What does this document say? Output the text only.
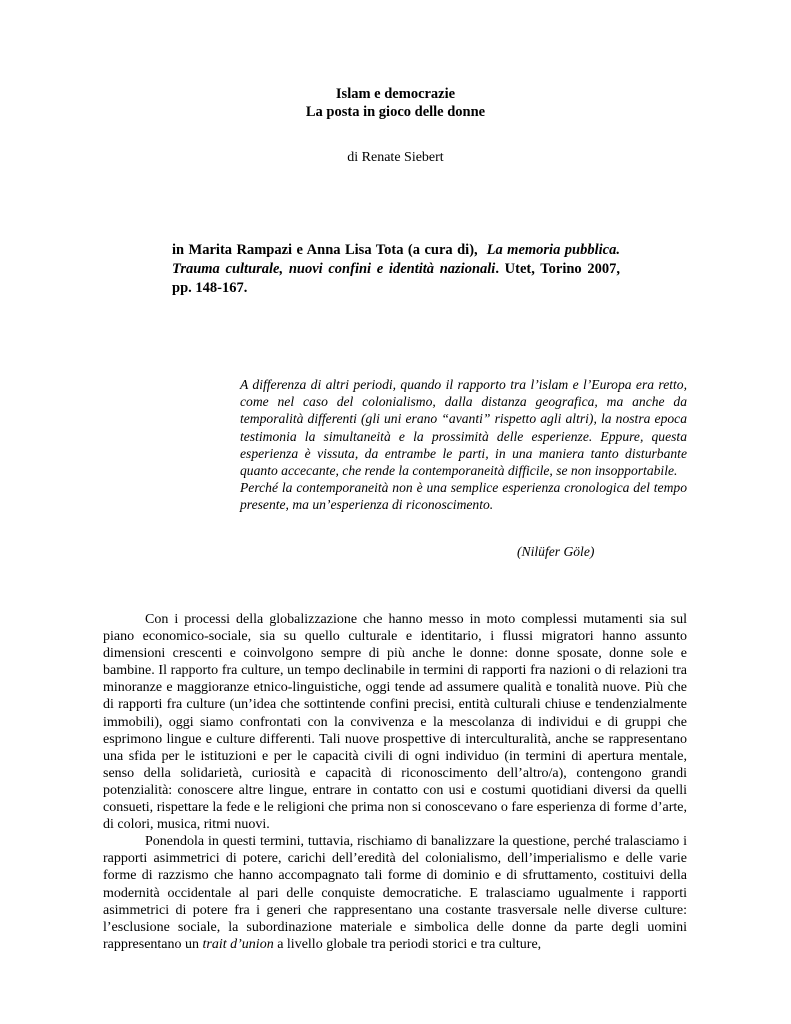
Islam e democrazie

La posta in gioco delle donne

di Renate Siebert
in Marita Rampazi e Anna Lisa Tota (a cura di), La memoria pubblica. Trauma culturale, nuovi confini e identità nazionali. Utet, Torino 2007, pp. 148-167.

A differenza di altri periodi, quando il rapporto tra l’islam e l’Europa era retto, come nel caso del colonialismo, dalla distanza geografica, ma anche da temporalità differenti (gli uni erano “avanti” rispetto agli altri), la nostra epoca testimonia la simultaneità e la prossimità delle esperienze. Eppure, questa esperienza è vissuta, da entrambe le parti, in una maniera tanto disturbante quanto accecante, che rende la contemporaneità difficile, se non insopportabile.

Perché la contemporaneità non è una semplice esperienza cronologica del tempo presente, ma un’esperienza di riconoscimento.

(Nilüfer Göle)

Con i processi della globalizzazione che hanno messo in moto complessi mutamenti sia sul piano economico-sociale, sia su quello culturale e identitario, i flussi migratori hanno assunto dimensioni crescenti e coinvolgono sempre di più anche le donne: donne sposate, donne sole e bambine. Il rapporto fra culture, un tempo declinabile in termini di rapporti fra nazioni o di relazioni tra minoranze e maggioranze etnico-linguistiche, oggi tende ad assumere qualità e tonalità nuove. Più che di rapporti fra culture (un’idea che sottintende confini precisi, entità culturali chiuse e tendenzialmente immobili), oggi siamo confrontati con la convivenza e la mescolanza di individui e di gruppi che esprimono lingue e culture differenti. Tali nuove prospettive di interculturalità, anche se rappresentano una sfida per le istituzioni e per le capacità civili di ogni individuo (in termini di apertura mentale, senso della solidarietà, curiosità e capacità di riconoscimento dell’altro/a), contengono grandi potenzialità: conoscere altre lingue, entrare in contatto con usi e costumi quotidiani diversi da quelli consueti, rispettare la fede e le religioni che prima non si conoscevano o fare esperienza di forme d’arte, di colori, musica, ritmi nuovi.

Ponendola in questi termini, tuttavia, rischiamo di banalizzare la questione, perché tralasciamo i rapporti asimmetrici di potere, carichi dell’eredità del colonialismo, dell’imperialismo e delle varie forme di razzismo che hanno accompagnato tali forme di dominio e di sfruttamento, costituivi della modernità occidentale al pari delle conquiste democratiche. E tralasciamo ugualmente i rapporti asimmetrici di potere fra i generi che rappresentano una costante trasversale nelle diverse culture: l’esclusione sociale, la subordinazione materiale e simbolica delle donne da parte degli uomini rappresentano un trait d’union a livello globale tra periodi storici e tra culture,
